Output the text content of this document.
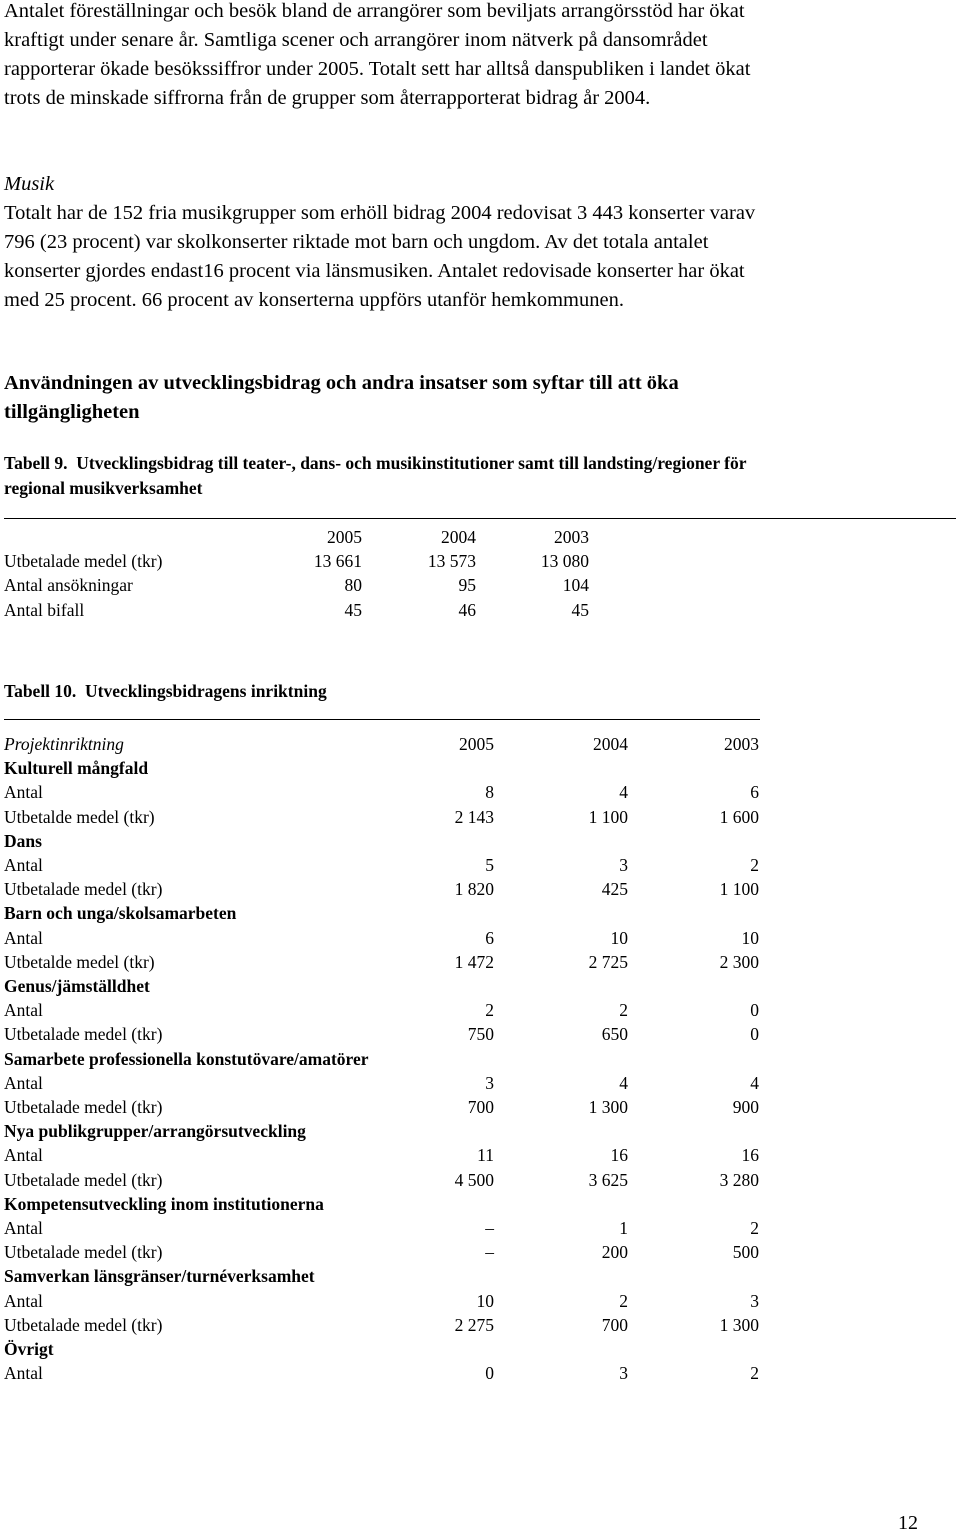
Antalet föreställningar och besök bland de arrangörer som beviljats arrangörsstöd har ökat
kraftigt under senare år. Samtliga scener och arrangörer inom nätverk på dansområdet
rapporterar ökade besökssiffror under 2005. Totalt sett har alltså danspubliken i landet ökat
trots de minskade siffrorna från de grupper som återrapporterat bidrag år 2004.

Musik

Totalt har de 152 fria musikgrupper som erhöll bidrag 2004 redovisat 3 443 konserter varav
796 (23 procent) var skolkonserter riktade mot barn och ungdom. Av det totala antalet
konserter gjordes endast16 procent via länsmusiken. Antalet redovisade konserter har ökat
med 25 procent. 66 procent av konserterna uppförs utanför hemkommunen.

Användningen av utvecklingsbidrag och andra insatser som syftar till att öka
tillgängligheten

Tabell 9. Utvecklingsbidrag till teater-, dans- och musikinstitutioner samt till landsting/regioner för
regional musikverksamhet

	2005	2004	2003
Utbetalade medel (tkr)	13 661	13 573	13 080
Antal ansökningar	80	95	104
Antal bifall	45	46	45

Tabell 10. Utvecklingsbidragens inriktning

Projektinriktning	2005	2004	2003
Kulturell mångfald			
Antal	8	4	6
Utbetalde medel (tkr)	2 143	1 100	1 600
Dans			
Antal	5	3	2
Utbetalade medel (tkr)	1 820	425	1 100
Barn och unga/skolsamarbeten			
Antal	6	10	10
Utbetalde medel (tkr)	1 472	2 725	2 300
Genus/jämställdhet			
Antal	2	2	0
Utbetalade medel (tkr)	750	650	0
Samarbete professionella konstutövare/amatörer			
Antal	3	4	4
Utbetalade medel (tkr)	700	1 300	900
Nya publikgrupper/arrangörsutveckling			
Antal	11	16	16
Utbetalade medel (tkr)	4 500	3 625	3 280
Kompetensutveckling inom institutionerna			
Antal	–	1	2
Utbetalade medel (tkr)	–	200	500
Samverkan länsgränser/turnéverksamhet			
Antal	10	2	3
Utbetalade medel (tkr)	2 275	700	1 300
Övrigt			
Antal	0	3	2
12
